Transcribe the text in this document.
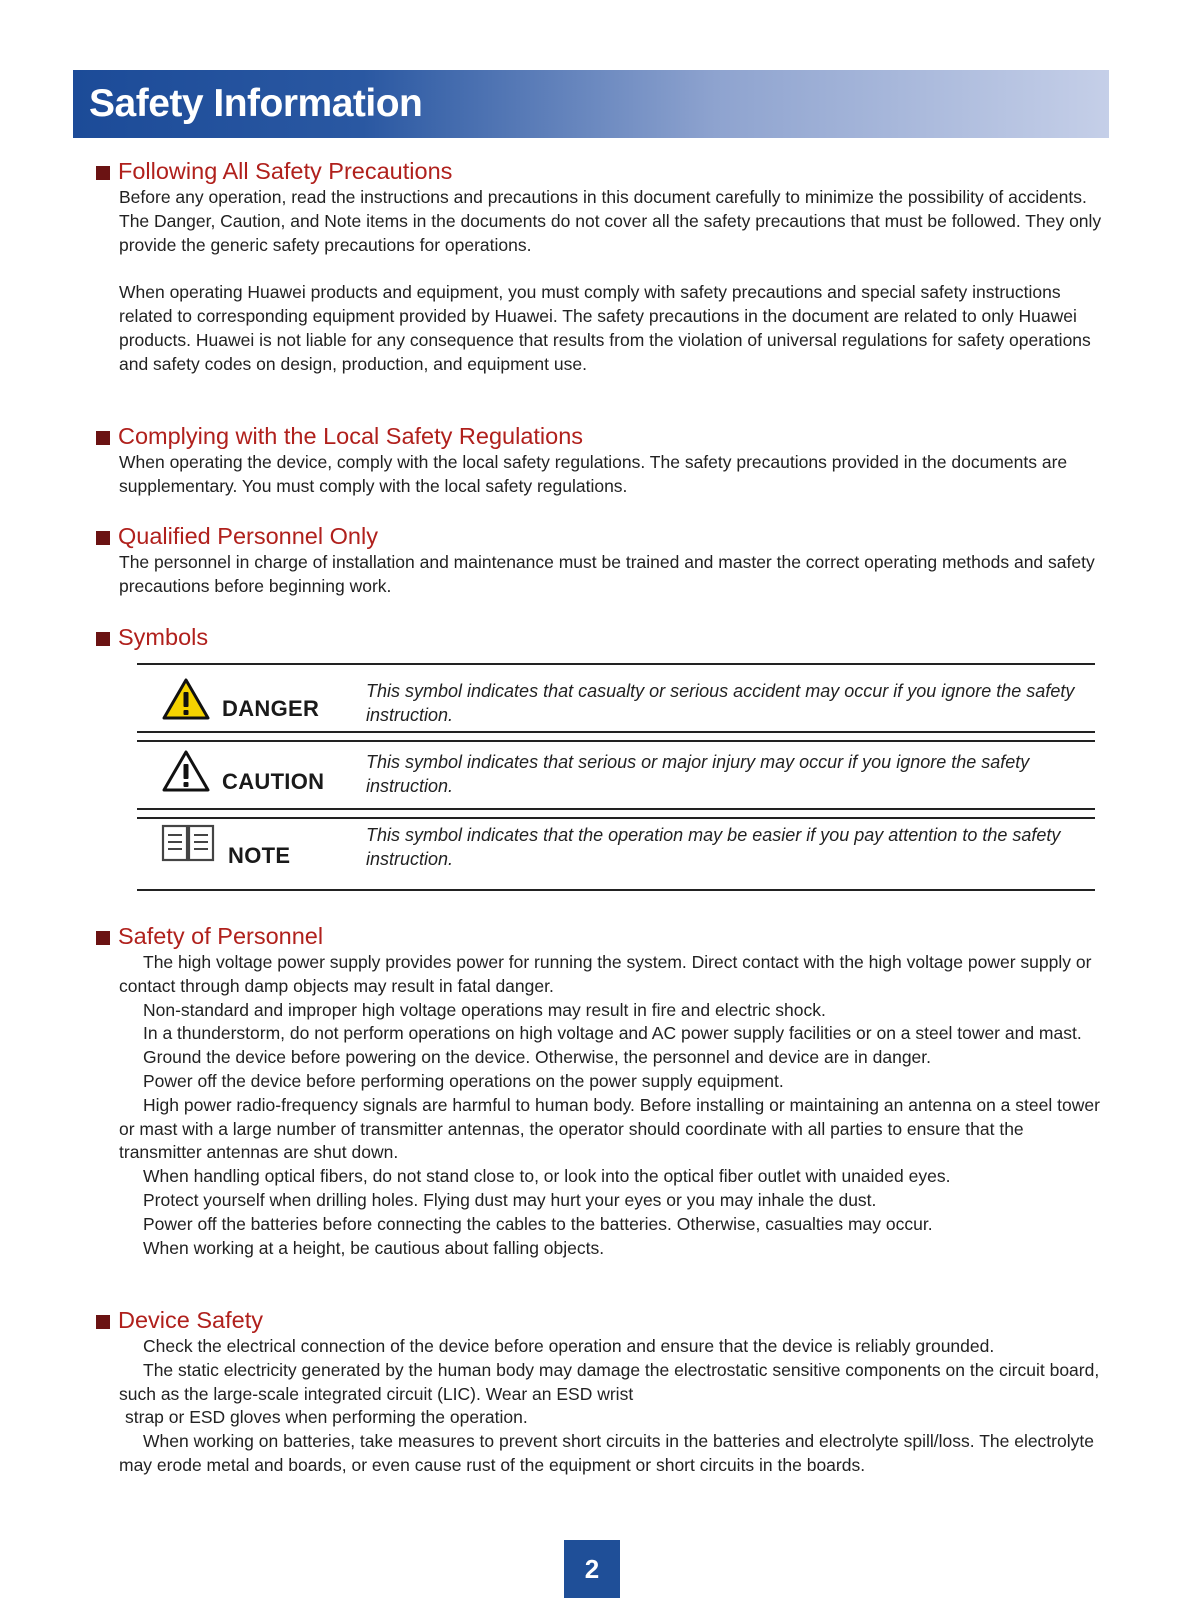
Safety Information
Following All Safety Precautions

Before any operation, read the instructions and precautions in this document carefully to minimize the possibility of accidents.

The Danger, Caution, and Note items in the documents do not cover all the safety precautions that must be followed. They only provide the generic safety precautions for operations.

When operating Huawei products and equipment, you must comply with safety precautions and special safety instructions related to corresponding equipment provided by Huawei. The safety precautions in the document are related to only Huawei products. Huawei is not liable for any consequence that results from the violation of universal regulations for safety operations and safety codes on design, production, and equipment use.

Complying with the Local Safety Regulations

When operating the device, comply with the local safety regulations. The safety precautions provided in the documents are supplementary. You must comply with the local safety regulations.

Qualified Personnel Only

The personnel in charge of installation and maintenance must be trained and master the correct operating methods and safety precautions before beginning work.

Symbols
DANGER
This symbol indicates that casualty or serious accident may occur if you ignore the safety instruction.
CAUTION
This symbol indicates that serious or major injury may occur if you ignore the safety instruction.
NOTE
This symbol indicates that the operation may be easier if you pay attention to the safety instruction.
Safety of Personnel

The high voltage power supply provides power for running the system. Direct contact with the high voltage power supply or contact through damp objects may result in fatal danger.

Non-standard and improper high voltage operations may result in fire and electric shock.

In a thunderstorm, do not perform operations on high voltage and AC power supply facilities or on a steel tower and mast.

Ground the device before powering on the device. Otherwise, the personnel and device are in danger.

Power off the device before performing operations on the power supply equipment.

High power radio-frequency signals are harmful to human body. Before installing or maintaining an antenna on a steel tower or mast with a large number of transmitter antennas, the operator should coordinate with all parties to ensure that the transmitter antennas are shut down.

When handling optical fibers, do not stand close to, or look into the optical fiber outlet with unaided eyes.

Protect yourself when drilling holes. Flying dust may hurt your eyes or you may inhale the dust.

Power off the batteries before connecting the cables to the batteries. Otherwise, casualties may occur.

When working at a height, be cautious about falling objects.

Device Safety

Check the electrical connection of the device before operation and ensure that the device is reliably grounded.

The static electricity generated by the human body may damage the electrostatic sensitive components on the circuit board, such as the large-scale integrated circuit (LIC). Wear an ESD wrist

strap or ESD gloves when performing the operation.

When working on batteries, take measures to prevent short circuits in the batteries and electrolyte spill/loss. The electrolyte may erode metal and boards, or even cause rust of the equipment or short circuits in the boards.

2
